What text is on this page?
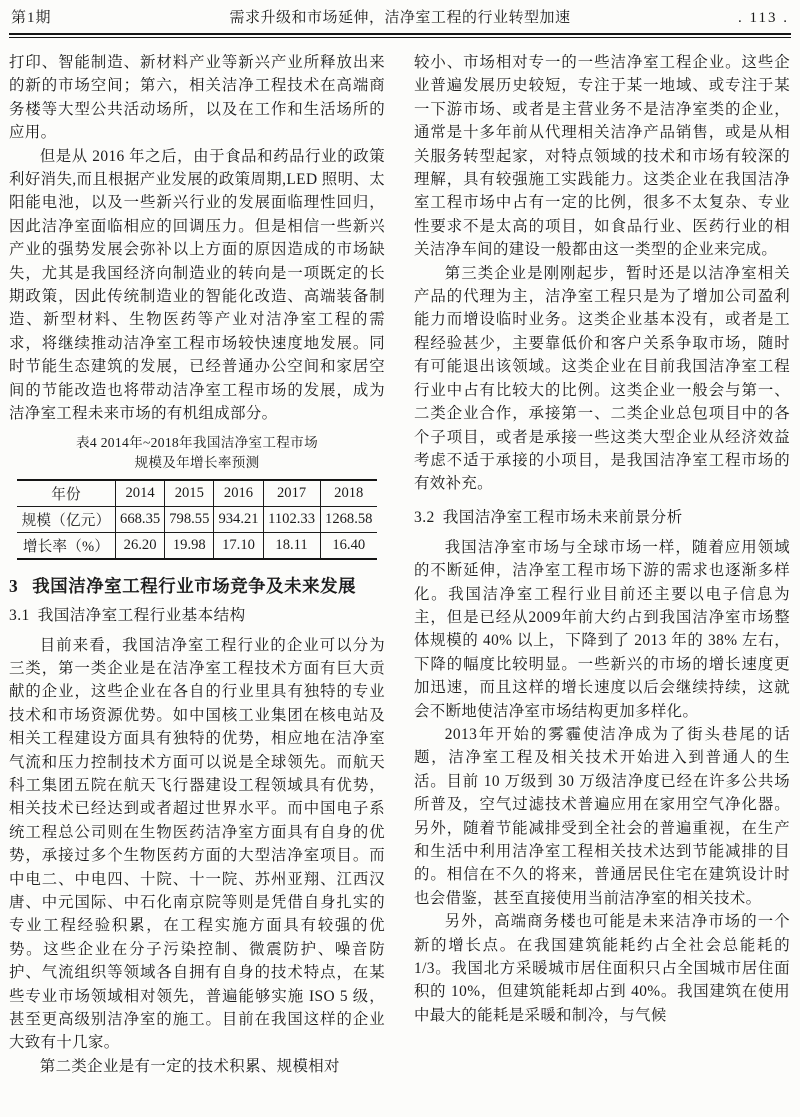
第1期	需求升级和市场延伸，洁净室工程的行业转型加速	. 113 .

打印、智能制造、新材料产业等新兴产业所释放出来的新的市场空间；第六，相关洁净工程技术在高端商务楼等大型公共活动场所，以及在工作和生活场所的应用。

但是从 2016 年之后，由于食品和药品行业的政策利好消失,而且根据产业发展的政策周期,LED 照明、太阳能电池，以及一些新兴行业的发展面临理性回归，因此洁净室面临相应的回调压力。但是相信一些新兴产业的强势发展会弥补以上方面的原因造成的市场缺失，尤其是我国经济向制造业的转向是一项既定的长期政策，因此传统制造业的智能化改造、高端装备制造、新型材料、生物医药等产业对洁净室工程的需求，将继续推动洁净室工程市场较快速度地发展。同时节能生态建筑的发展，已经普通办公空间和家居空间的节能改造也将带动洁净室工程市场的发展，成为洁净室工程未来市场的有机组成部分。

表4 2014年~2018年我国洁净室工程市场
规模及年增长率预测
年份	2014	2015	2016	2017	2018
规模（亿元）	668.35	798.55	934.21	1102.33	1268.58
增长率（%）	26.20	19.98	17.10	18.11	16.40
3 我国洁净室工程行业市场竞争及未来发展
3.1 我国洁净室工程行业基本结构

目前来看，我国洁净室工程行业的企业可以分为三类，第一类企业是在洁净室工程技术方面有巨大贡献的企业，这些企业在各自的行业里具有独特的专业技术和市场资源优势。如中国核工业集团在核电站及相关工程建设方面具有独特的优势，相应地在洁净室气流和压力控制技术方面可以说是全球领先。而航天科工集团五院在航天飞行器建设工程领域具有优势，相关技术已经达到或者超过世界水平。而中国电子系统工程总公司则在生物医药洁净室方面具有自身的优势，承接过多个生物医药方面的大型洁净室项目。而中电二、中电四、十院、十一院、苏州亚翔、江西汉唐、中元国际、中石化南京院等则是凭借自身扎实的专业工程经验积累，在工程实施方面具有较强的优势。这些企业在分子污染控制、微震防护、噪音防护、气流组织等领域各自拥有自身的技术特点，在某些专业市场领域相对领先，普遍能够实施 ISO 5 级，甚至更高级别洁净室的施工。目前在我国这样的企业大致有十几家。

第二类企业是有一定的技术积累、规模相对

较小、市场相对专一的一些洁净室工程企业。这些企业普遍发展历史较短，专注于某一地域、或专注于某一下游市场、或者是主营业务不是洁净室类的企业，通常是十多年前从代理相关洁净产品销售，或是从相关服务转型起家，对特点领域的技术和市场有较深的理解，具有较强施工实践能力。这类企业在我国洁净室工程市场中占有一定的比例，很多不太复杂、专业性要求不是太高的项目，如食品行业、医药行业的相关洁净车间的建设一般都由这一类型的企业来完成。

第三类企业是刚刚起步，暂时还是以洁净室相关产品的代理为主，洁净室工程只是为了增加公司盈利能力而增设临时业务。这类企业基本没有，或者是工程经验甚少，主要靠低价和客户关系争取市场，随时有可能退出该领域。这类企业在目前我国洁净室工程行业中占有比较大的比例。这类企业一般会与第一、二类企业合作，承接第一、二类企业总包项目中的各个子项目，或者是承接一些这类大型企业从经济效益考虑不适于承接的小项目，是我国洁净室工程市场的有效补充。

3.2 我国洁净室工程市场未来前景分析

我国洁净室市场与全球市场一样，随着应用领域的不断延伸，洁净室工程市场下游的需求也逐渐多样化。我国洁净室工程行业目前还主要以电子信息为主，但是已经从2009年前大约占到我国洁净室市场整体规模的 40% 以上，下降到了 2013 年的 38% 左右，下降的幅度比较明显。一些新兴的市场的增长速度更加迅速，而且这样的增长速度以后会继续持续，这就会不断地使洁净室市场结构更加多样化。

2013年开始的雾霾使洁净成为了街头巷尾的话题，洁净室工程及相关技术开始进入到普通人的生活。目前 10 万级到 30 万级洁净度已经在许多公共场所普及，空气过滤技术普遍应用在家用空气净化器。另外，随着节能减排受到全社会的普遍重视，在生产和生活中利用洁净室工程相关技术达到节能减排的目的。相信在不久的将来，普通居民住宅在建筑设计时也会借鉴，甚至直接使用当前洁净室的相关技术。

另外，高端商务楼也可能是未来洁净市场的一个新的增长点。在我国建筑能耗约占全社会总能耗的 1/3。我国北方采暖城市居住面积只占全国城市居住面积的 10%，但建筑能耗却占到 40%。我国建筑在使用中最大的能耗是采暖和制冷，与气候
